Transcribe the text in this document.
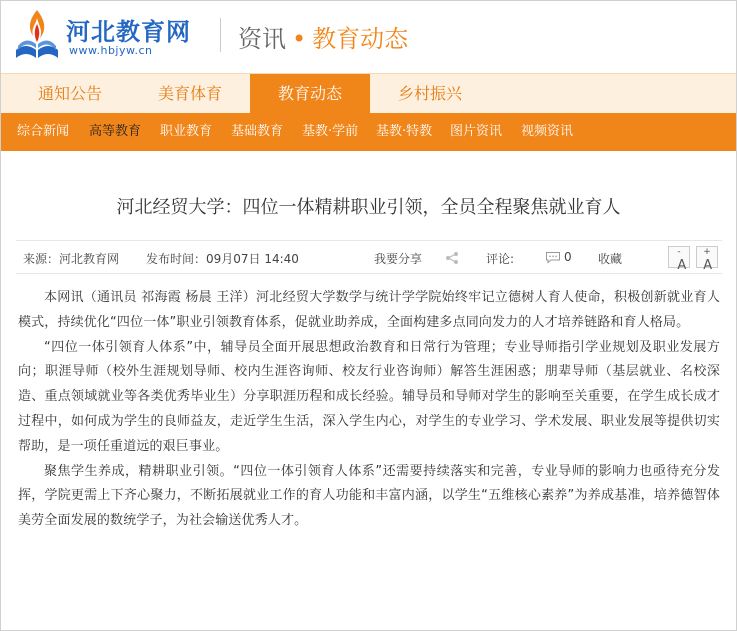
河北教育网
www.hbjyw.cn	资讯 • 教育动态
通知公告	美育体育	教育动态	乡村振兴
综合新闻 高等教育 职业教育 基础教育 基教·学前 基教·特教 图片资讯 视频资讯
河北经贸大学：四位一体精耕职业引领，全员全程聚焦就业育人
来源：河北教育网 发布时间：09月07日 14:40	我要分享	评论:	0 收藏	A
-
A
+

本网讯（通讯员 祁海霞 杨晨 王洋）河北经贸大学数学与统计学学院始终牢记立德树人育人使命，积极创新就业育人模式，持续优化“四位一体”职业引领教育体系，促就业助养成，全面构建多点同向发力的人才培养链路和育人格局。

“四位一体引领育人体系”中，辅导员全面开展思想政治教育和日常行为管理；专业导师指引学业规划及职业发展方向；职涯导师（校外生涯规划导师、校内生涯咨询师、校友行业咨询师）解答生涯困惑；朋辈导师（基层就业、名校深造、重点领域就业等各类优秀毕业生）分享职涯历程和成长经验。辅导员和导师对学生的影响至关重要，在学生成长成才过程中，如何成为学生的良师益友，走近学生生活，深入学生内心，对学生的专业学习、学术发展、职业发展等提供切实帮助，是一项任重道远的艰巨事业。

聚焦学生养成，精耕职业引领。“四位一体引领育人体系”还需要持续落实和完善，专业导师的影响力也亟待充分发挥，学院更需上下齐心聚力，不断拓展就业工作的育人功能和丰富内涵，以学生“五维核心素养”为养成基准，培养德智体美劳全面发展的数统学子，为社会输送优秀人才。
